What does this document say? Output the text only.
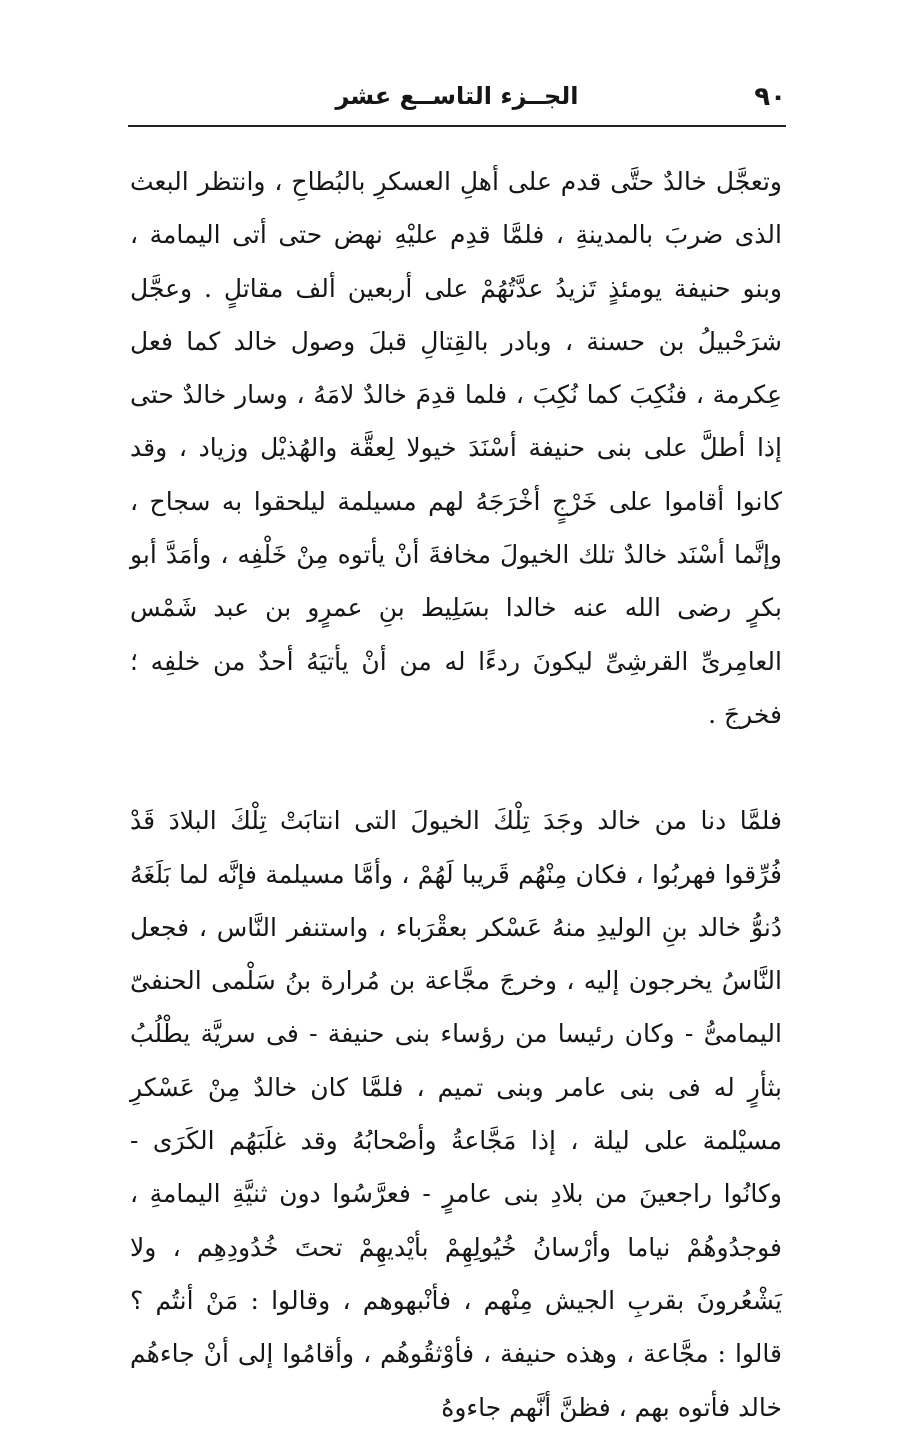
٩٠
الجــزء التاســع عشر

وتعجَّل خالدٌ حتَّى قدم على أهلِ العسكرِ بالبُطاحِ ، وانتظر البعث الذى ضربَ بالمدينةِ ، فلمَّا قدِم عليْهِ نهض حتى أتى اليمامة ، وبنو حنيفة يومئذٍ تَزيدُ عدَّتُهُمْ على أربعين ألف مقاتلٍ . وعجَّل شرَحْبيلُ بن حسنة ، وبادر بالقِتالِ قبلَ وصول خالد كما فعل عِكرمة ، فنُكِبَ كما نُكِبَ ، فلما قدِمَ خالدٌ لامَهُ ، وسار خالدٌ حتى إذا أطلَّ على بنى حنيفة أسْنَدَ خيولا لِعقَّة والهُذيْل وزياد ، وقد كانوا أقاموا على خَرْجٍ أخْرَجَهُ لهم مسيلمة ليلحقوا به سجاح ، وإنَّما أسْنَد خالدٌ تلك الخيولَ مخافةَ أنْ يأتوه مِنْ خَلْفِه ، وأمَدَّ أبو بكرٍ رضى الله عنه خالدا بسَلِيط بنِ عمرٍو بن عبد شَمْس العامِرىِّ القرشِىِّ ليكونَ ردءًا له من أنْ يأتيَهُ أحدٌ من خلفِه ؛ فخرجَ .

فلمَّا دنا من خالد وجَدَ تِلْكَ الخيولَ التى انتابَتْ تِلْكَ البلادَ قَدْ فُرِّقوا فهربُوا ، فكان مِنْهُم قَريبا لَهُمْ ، وأمَّا مسيلمة فإنَّه لما بَلَغَهُ دُنوُّ خالد بنِ الوليدِ منهُ عَسْكر بعقْرَباء ، واستنفر النَّاس ، فجعل النَّاسُ يخرجون إليه ، وخرجَ مجَّاعة بن مُرارة بنُ سَلْمى الحنفىّ اليمامىُّ - وكان رئيسا من رؤساء بنى حنيفة - فى سريَّة يطْلُبُ بثأرٍ له فى بنى عامر وبنى تميم ، فلمَّا كان خالدٌ مِنْ عَسْكرِ مسيْلمة على ليلة ، إذا مَجَّاعةُ وأصْحابُهُ وقد غلَبَهُم الكَرَى - وكانُوا راجعينَ من بلادِ بنى عامرٍ - فعرَّسُوا دون ثنيَّةِ اليمامةِ ، فوجدُوهُمْ نياما وأرْسانُ خُيُولِهِمْ بأيْديهِمْ تحتَ خُدُودِهِم ، ولا يَشْعُرونَ بقربِ الجيش مِنْهم ، فأنْبهوهم ، وقالوا : مَنْ أنتُم ؟ قالوا : مجَّاعة ، وهذه حنيفة ، فأوْثقُوهُم ، وأقامُوا إلى أنْ جاءهُم خالد فأتوه بهم ، فظنَّ أنَّهم جاءوهُ
